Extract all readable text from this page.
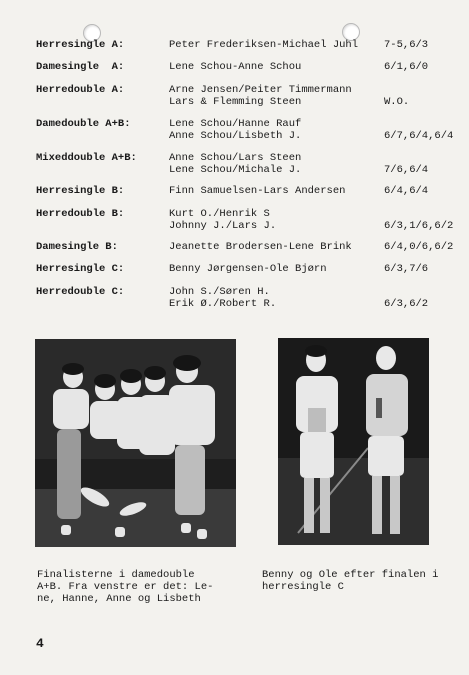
Herresingle A:	Peter Frederiksen-Michael Juhl 7-5,6/3
Damesingle  A:	Lene Schou-Anne Schou	6/1,6/0
Herredouble A:	Arne Jensen/Peiter Timmermann
Lars & Flemming Steen	W.O.
Damedouble A+B:	Lene Schou/Hanne Rauf
Anne Schou/Lisbeth J.	6/7,6/4,6/4
Mixeddouble A+B:	Anne Schou/Lars Steen
Lene Schou/Michale J.	7/6,6/4
Herresingle B:	Finn Samuelsen-Lars Andersen	6/4,6/4
Herredouble B:	Kurt O./Henrik S
Johnny J./Lars J.	6/3,1/6,6/2
Damesingle B:	Jeanette Brodersen-Lene Brink	6/4,0/6,6/2
Herresingle C:	Benny Jørgensen-Ole Bjørn	6/3,7/6
Herredouble C:	John S./Søren H.
Erik Ø./Robert R.	6/3,6/2
Finalisterne i damedouble
A+B. Fra venstre er det: Le-
ne, Hanne, Anne og Lisbeth
Benny og Ole efter finalen i
herresingle C
4
